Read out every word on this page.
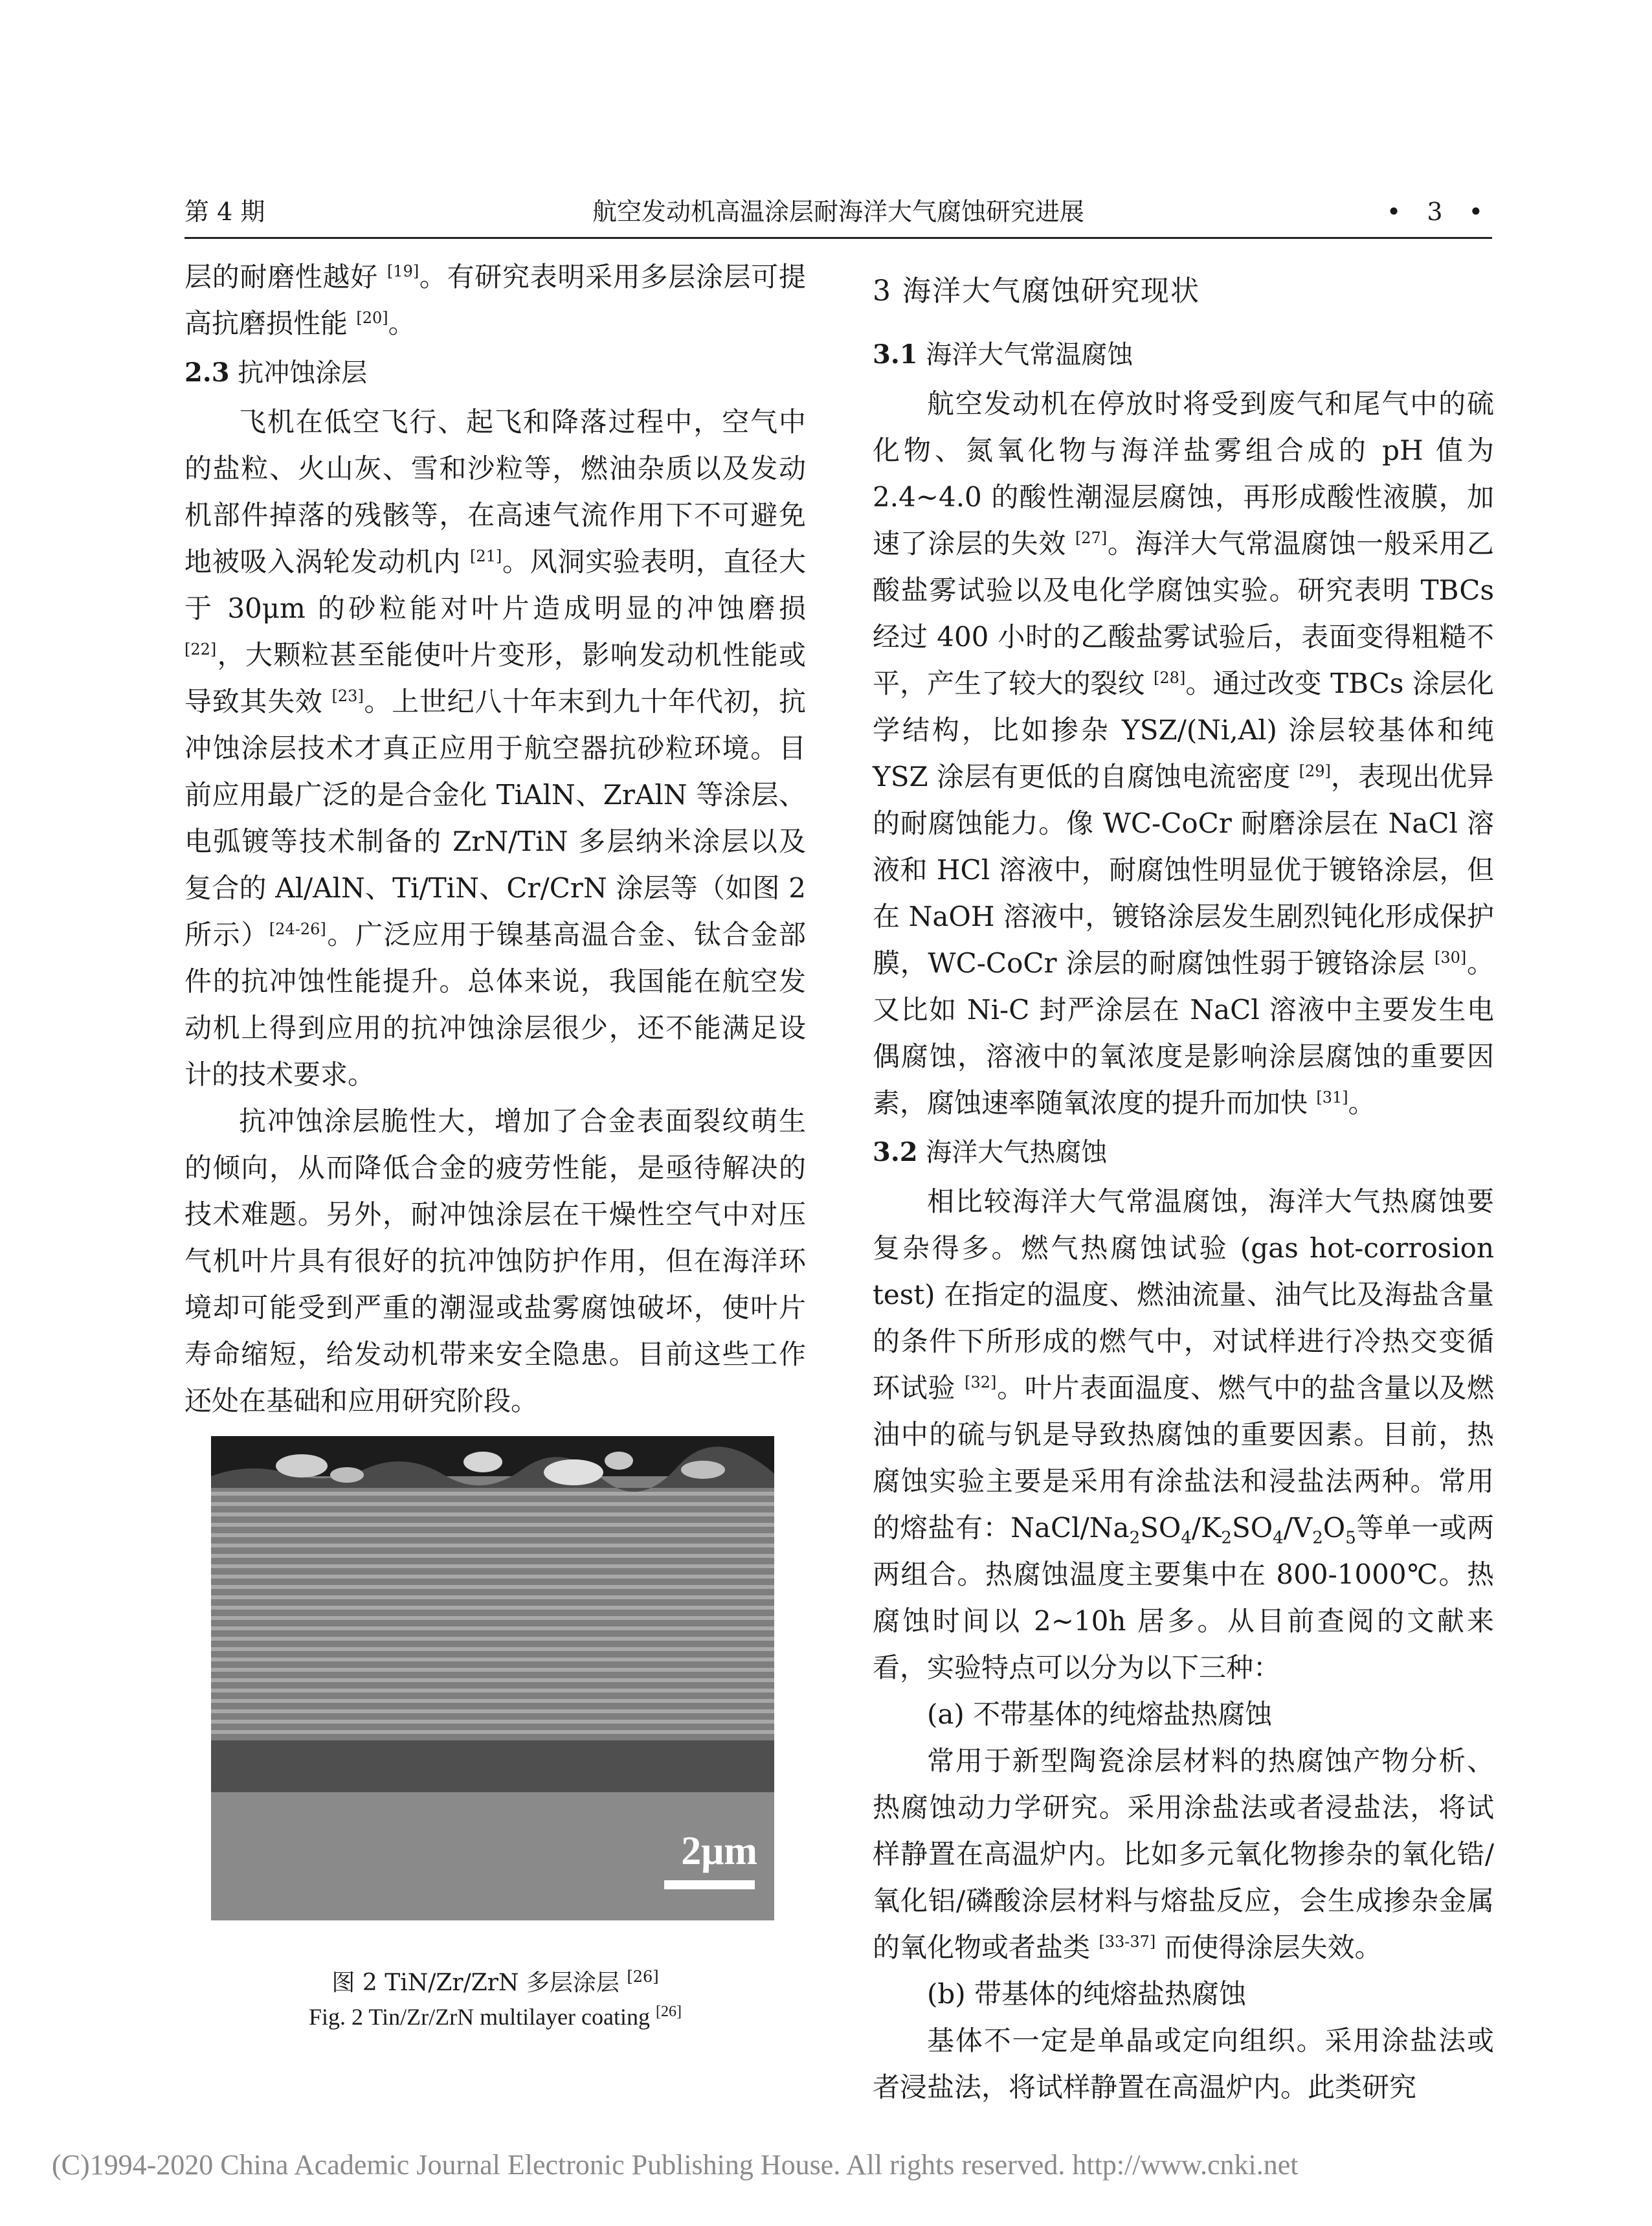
第 4 期	航空发动机高温涂层耐海洋大气腐蚀研究进展	• 3 •

层的耐磨性越好 [19]。有研究表明采用多层涂层可提高抗磨损性能 [20]。

2.3 抗冲蚀涂层

飞机在低空飞行、起飞和降落过程中，空气中的盐粒、火山灰、雪和沙粒等，燃油杂质以及发动机部件掉落的残骸等，在高速气流作用下不可避免地被吸入涡轮发动机内 [21]。风洞实验表明，直径大于 30μm 的砂粒能对叶片造成明显的冲蚀磨损 [22]，大颗粒甚至能使叶片变形，影响发动机性能或导致其失效 [23]。上世纪八十年末到九十年代初，抗冲蚀涂层技术才真正应用于航空器抗砂粒环境。目前应用最广泛的是合金化 TiAlN、ZrAlN 等涂层、电弧镀等技术制备的 ZrN/TiN 多层纳米涂层以及复合的 Al/AlN、Ti/TiN、Cr/CrN 涂层等（如图 2 所示）[24-26]。广泛应用于镍基高温合金、钛合金部件的抗冲蚀性能提升。总体来说，我国能在航空发动机上得到应用的抗冲蚀涂层很少，还不能满足设计的技术要求。

抗冲蚀涂层脆性大，增加了合金表面裂纹萌生的倾向，从而降低合金的疲劳性能，是亟待解决的技术难题。另外，耐冲蚀涂层在干燥性空气中对压气机叶片具有很好的抗冲蚀防护作用，但在海洋环境却可能受到严重的潮湿或盐雾腐蚀破坏，使叶片寿命缩短，给发动机带来安全隐患。目前这些工作还处在基础和应用研究阶段。

2μm
图 2 TiN/Zr/ZrN 多层涂层 [26]
Fig. 2 Tin/Zr/ZrN multilayer coating [26]
3 海洋大气腐蚀研究现状
3.1 海洋大气常温腐蚀

航空发动机在停放时将受到废气和尾气中的硫化物、氮氧化物与海洋盐雾组合成的 pH 值为 2.4~4.0 的酸性潮湿层腐蚀，再形成酸性液膜，加速了涂层的失效 [27]。海洋大气常温腐蚀一般采用乙酸盐雾试验以及电化学腐蚀实验。研究表明 TBCs 经过 400 小时的乙酸盐雾试验后，表面变得粗糙不平，产生了较大的裂纹 [28]。通过改变 TBCs 涂层化学结构，比如掺杂 YSZ/(Ni,Al) 涂层较基体和纯 YSZ 涂层有更低的自腐蚀电流密度 [29]，表现出优异的耐腐蚀能力。像 WC-CoCr 耐磨涂层在 NaCl 溶液和 HCl 溶液中，耐腐蚀性明显优于镀铬涂层，但在 NaOH 溶液中，镀铬涂层发生剧烈钝化形成保护膜，WC-CoCr 涂层的耐腐蚀性弱于镀铬涂层 [30]。又比如 Ni-C 封严涂层在 NaCl 溶液中主要发生电偶腐蚀，溶液中的氧浓度是影响涂层腐蚀的重要因素，腐蚀速率随氧浓度的提升而加快 [31]。

3.2 海洋大气热腐蚀

相比较海洋大气常温腐蚀，海洋大气热腐蚀要复杂得多。燃气热腐蚀试验 (gas hot-corrosion test) 在指定的温度、燃油流量、油气比及海盐含量的条件下所形成的燃气中，对试样进行冷热交变循环试验 [32]。叶片表面温度、燃气中的盐含量以及燃油中的硫与钒是导致热腐蚀的重要因素。目前，热腐蚀实验主要是采用有涂盐法和浸盐法两种。常用的熔盐有：NaCl/$Na_2SO_4/K_2SO_4/V_2O_5$等单一或两两组合。热腐蚀温度主要集中在 800-1000℃。热腐蚀时间以 2~10h 居多。从目前查阅的文献来看，实验特点可以分为以下三种：

(a) 不带基体的纯熔盐热腐蚀

常用于新型陶瓷涂层材料的热腐蚀产物分析、热腐蚀动力学研究。采用涂盐法或者浸盐法，将试样静置在高温炉内。比如多元氧化物掺杂的氧化锆/氧化铝/磷酸涂层材料与熔盐反应，会生成掺杂金属的氧化物或者盐类 [33-37] 而使得涂层失效。

(b) 带基体的纯熔盐热腐蚀

基体不一定是单晶或定向组织。采用涂盐法或者浸盐法，将试样静置在高温炉内。此类研究

(C)1994-2020 China Academic Journal Electronic Publishing House. All rights reserved. http://www.cnki.net
